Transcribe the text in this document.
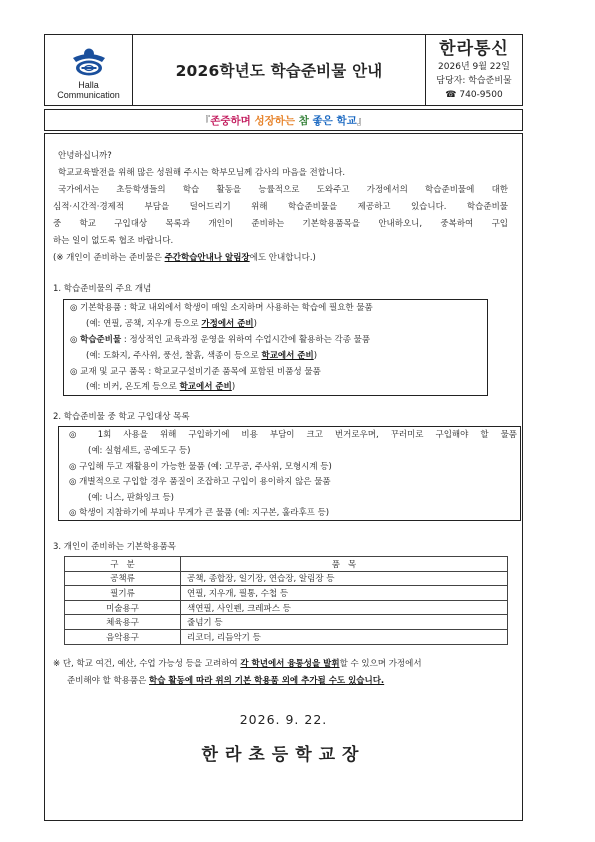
Halla
Communication
2026학년도 학습준비물 안내
한라통신
2026년 9월 22일
담당자: 학습준비물
☎ 740-9500
『 존중하며
성장하는
참
좋은 학교 』
안녕하십니까?
학교교육발전을 위해 많은 성원해 주시는 학부모님께 감사의 마음을 전합니다.
국가에서는 초등학생들의 학습 활동을 능률적으로 도와주고 가정에서의 학습준비물에 대한
심적·시간적·경제적 부담을 덜어드리기 위해 학습준비물을 제공하고 있습니다. 학습준비물
중 학교 구입대상 목록과 개인이 준비하는 기본학용품목을 안내하오니, 중복하여 구입
하는 일이 없도록 협조 바랍니다.
(※ 개인이 준비하는 준비물은 주간학습안내나 알림장에도 안내합니다.)
1. 학습준비물의 주요 개념
◎ 기본학용품 : 학교 내외에서 학생이 매일 소지하며 사용하는 학습에 필요한 물품
(예: 연필, 공책, 지우개 등으로 가정에서 준비)
◎ 학습준비물 : 정상적인 교육과정 운영을 위하여 수업시간에 활용하는 각종 물품
(예: 도화지, 주사위, 풍선, 찰흙, 색종이 등으로 학교에서 준비)
◎ 교재 및 교구 품목 : 학교교구설비기준 품목에 포함된 비품성 물품
(예: 비커, 온도계 등으로 학교에서 준비)
2. 학습준비물 중 학교 구입대상 목록
◎ 1회 사용을 위해 구입하기에 비용 부담이 크고 번거로우며, 꾸러미로 구입해야 할 물품
(예: 실험세트, 공예도구 등)
◎ 구입해 두고 재활용이 가능한 물품 (예: 고무공, 주사위, 모형시계 등)
◎ 개별적으로 구입할 경우 품질이 조잡하고 구입이 용이하지 않은 물품
(예: 니스, 판화잉크 등)
◎ 학생이 지참하기에 부피나 무게가 큰 물품 (예: 지구본, 훌라후프 등)
3. 개인이 준비하는 기본학용품목
구   분	품   목
공책류	공책, 종합장, 일기장, 연습장, 알림장 등
필기류	연필, 지우개, 필통, 수첩 등
미술용구	색연필, 사인펜, 크레파스 등
체육용구	줄넘기 등
음악용구	리코더, 리듬악기 등
※ 단, 학교 여건, 예산, 수업 가능성 등을 고려하여 각 학년에서 융통성을 발휘할 수 있으며 가정에서
준비해야 할 학용품은 학습 활동에 따라 위의 기본 학용품 외에 추가될 수도 있습니다.
2026. 9. 22.
한라초등학교장
